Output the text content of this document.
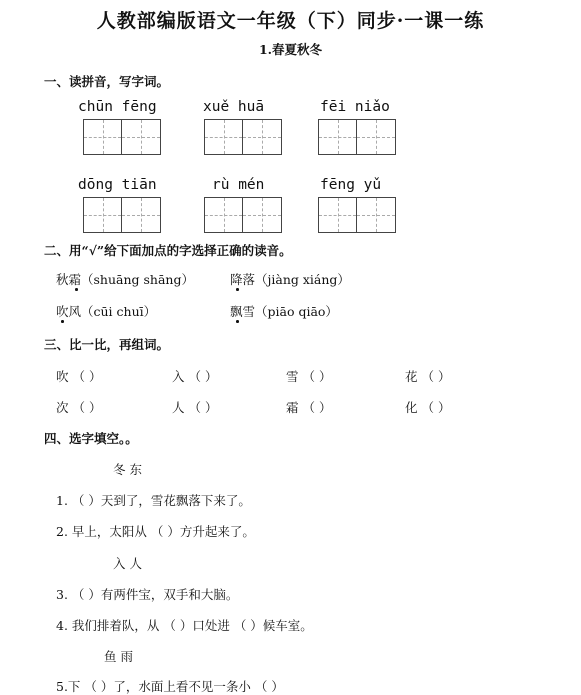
人教部编版语文一年级（下）同步·一课一练
1.春夏秋冬
一、读拼音，写字词。
chūn fēng	xuě huā	fēi niǎo
dōng tiān	rù mén	fēng yǔ
二、用“√”给下面加点的字选择正确的读音。
秋霜（shuāng shāng）	降落（jiàng xiáng）
吹风（cūi chuī）	飘雪（piāo qiāo）
三、比一比，再组词。
吹 （ ）	入 （ ）	雪 （ ）	花 （ ）
次 （ ）	人 （ ）	霜 （ ）	化 （ ）
四、选字填空。。
冬 东
1. （ ）天到了，雪花飘落下来了。
2. 早上，太阳从 （ ）方升起来了。
入 人
3. （ ）有两件宝，双手和大脑。
4. 我们排着队，从 （ ）口处进 （ ）候车室。
鱼 雨
5.下 （ ）了，水面上看不见一条小 （ ）
